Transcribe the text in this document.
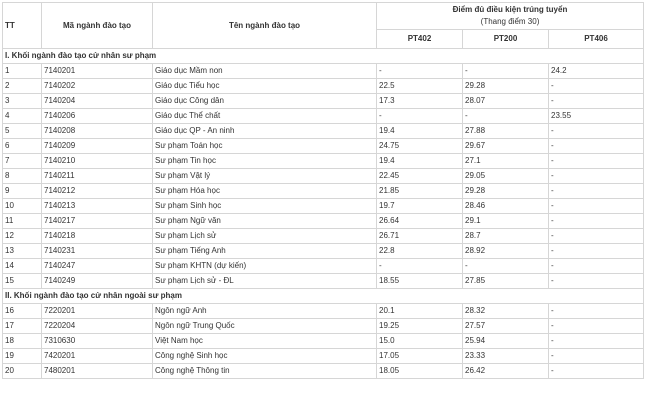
TT	Mã ngành đào tạo	Tên ngành đào tạo	Điểm đủ điều kiện trúng tuyển
(Thang điểm 30)		

			PT402	PT200	PT406
I. Khối ngành đào tạo cử nhân sư phạm					
1	7140201	Giáo dục Mầm non	-	-	24.2
2	7140202	Giáo dục Tiểu học	22.5	29.28	-
3	7140204	Giáo dục Công dân	17.3	28.07	-
4	7140206	Giáo dục Thể chất	-	-	23.55
5	7140208	Giáo dục QP - An ninh	19.4	27.88	-
6	7140209	Sư phạm Toán học	24.75	29.67	-
7	7140210	Sư phạm Tin học	19.4	27.1	-
8	7140211	Sư phạm Vật lý	22.45	29.05	-
9	7140212	Sư phạm Hóa học	21.85	29.28	-
10	7140213	Sư phạm Sinh học	19.7	28.46	-
11	7140217	Sư phạm Ngữ văn	26.64	29.1	-
12	7140218	Sư phạm Lịch sử	26.71	28.7	-
13	7140231	Sư phạm Tiếng Anh	22.8	28.92	-
14	7140247	Sư phạm KHTN (dự kiến)	-	-	-
15	7140249	Sư phạm Lịch sử - ĐL	18.55	27.85	-
II. Khối ngành đào tạo cử nhân ngoài sư phạm					
16	7220201	Ngôn ngữ Anh	20.1	28.32	-
17	7220204	Ngôn ngữ Trung Quốc	19.25	27.57	-
18	7310630	Việt Nam học	15.0	25.94	-
19	7420201	Công nghệ Sinh học	17.05	23.33	-
20	7480201	Công nghệ Thông tin	18.05	26.42	-
